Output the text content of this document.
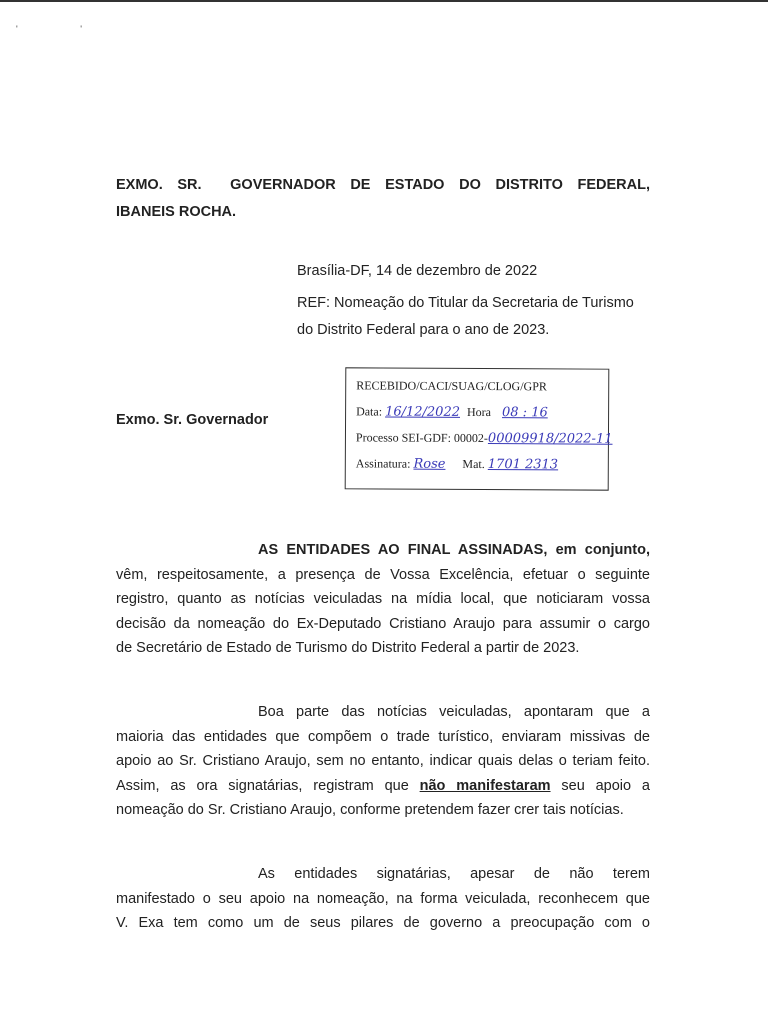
' '
EXMO. SR. GOVERNADOR DE ESTADO DO DISTRITO FEDERAL,
IBANEIS ROCHA.
Brasília-DF, 14 de dezembro de 2022
REF: Nomeação do Titular da Secretaria de Turismo
do Distrito Federal para o ano de 2023.
Exmo. Sr. Governador
RECEBIDO/CACI/SUAG/CLOG/GPR
Data: 16/12/2022 Hora 08 : 16
Processo SEI-GDF: 00002-00009918/2022-11
Assinatura: Rose Mat. 1701 2313
AS ENTIDADES AO FINAL ASSINADAS, em conjunto,
vêm, respeitosamente, a presença de Vossa Excelência, efetuar o seguinte
registro, quanto as notícias veiculadas na mídia local, que noticiaram vossa
decisão da nomeação do Ex-Deputado Cristiano Araujo para assumir o cargo
de Secretário de Estado de Turismo do Distrito Federal a partir de 2023.
Boa parte das notícias veiculadas, apontaram que a
maioria das entidades que compõem o trade turístico, enviaram missivas de
apoio ao Sr. Cristiano Araujo, sem no entanto, indicar quais delas o teriam feito.
Assim, as ora signatárias, registram que não manifestaram seu apoio a
nomeação do Sr. Cristiano Araujo, conforme pretendem fazer crer tais notícias.
As entidades signatárias, apesar de não terem
manifestado o seu apoio na nomeação, na forma veiculada, reconhecem que
V. Exa tem como um de seus pilares de governo a preocupação com o
